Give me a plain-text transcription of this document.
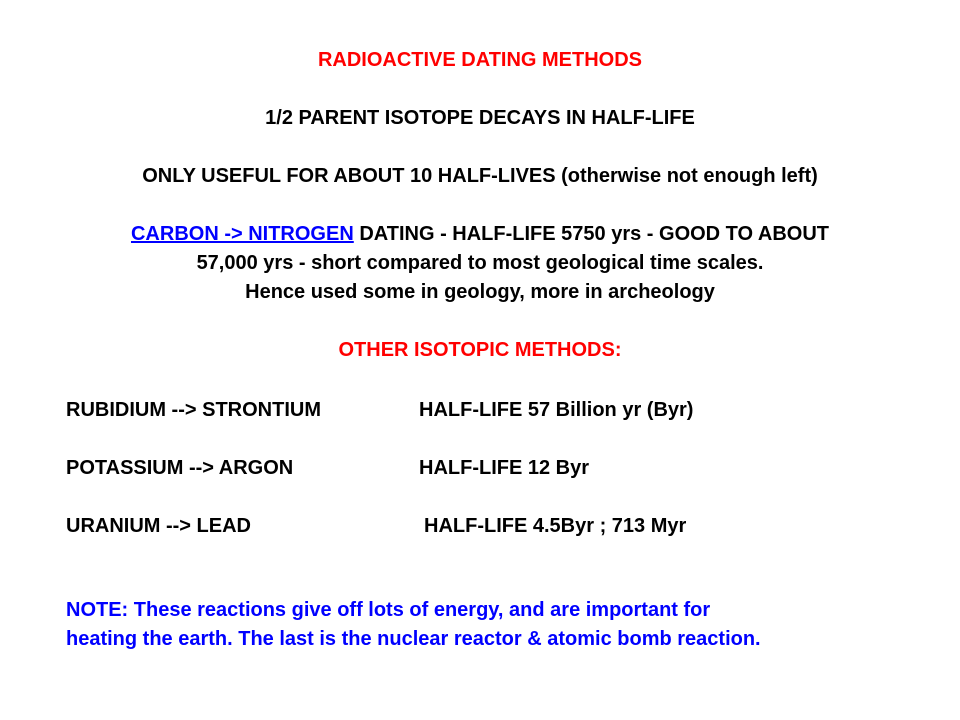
RADIOACTIVE DATING METHODS
1/2 PARENT ISOTOPE DECAYS IN HALF-LIFE
ONLY USEFUL FOR ABOUT 10 HALF-LIVES (otherwise not enough left)
CARBON -> NITROGEN DATING - HALF-LIFE 5750 yrs - GOOD TO ABOUT
57,000 yrs - short compared to most geological time scales.
Hence used some in geology, more in archeology
OTHER ISOTOPIC METHODS:
RUBIDIUM --> STRONTIUM	HALF-LIFE 57 Billion yr (Byr)
POTASSIUM --> ARGON	HALF-LIFE 12 Byr
URANIUM --> LEAD	HALF-LIFE 4.5Byr ; 713 Myr
NOTE: These reactions give off lots of energy, and are important for
heating the earth. The last is the nuclear reactor & atomic bomb reaction.
